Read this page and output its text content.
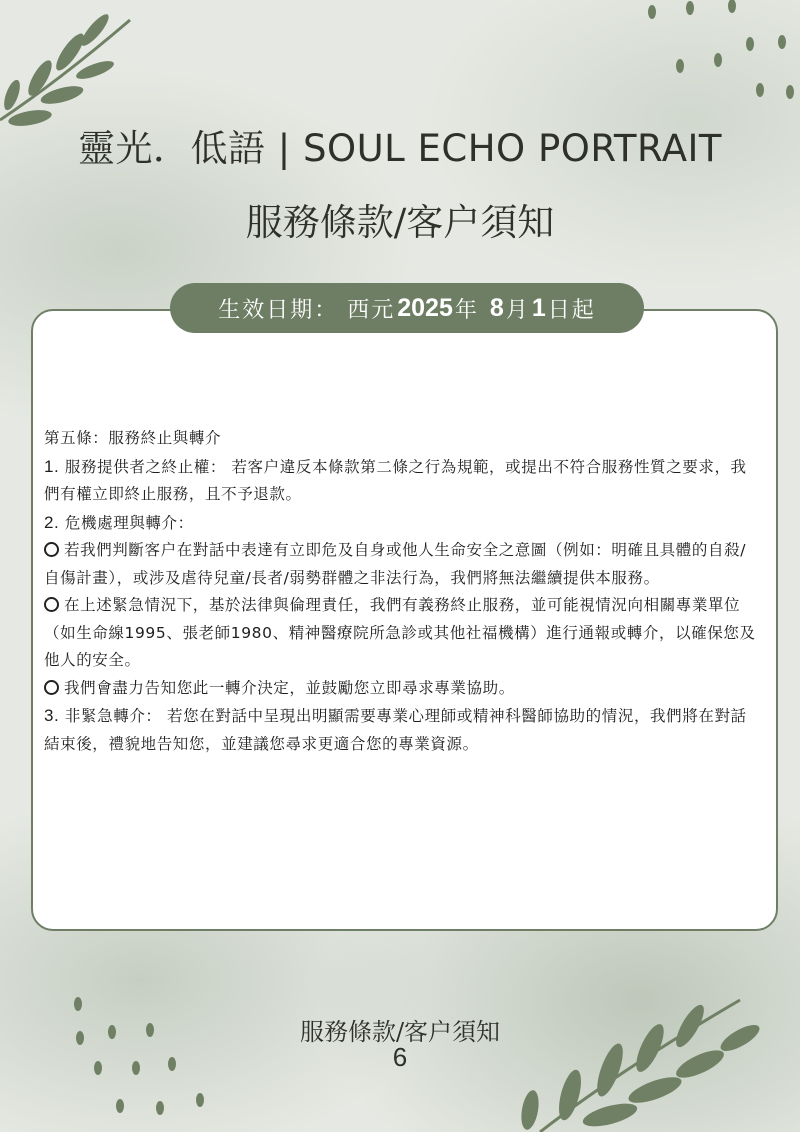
靈光．低語 | SOUL ECHO PORTRAIT
服務條款/客户須知
生效日期： 西元 2025 年
8 月 1 日起

第五條：服務終止與轉介

1. 服務提供者之終止權： 若客户違反本條款第二條之行為規範，或提出不符合服務性質之要求，我們有權立即終止服務，且不予退款。

2. 危機處理與轉介：

若我們判斷客户在對話中表達有立即危及自身或他人生命安全之意圖（例如：明確且具體的自殺/自傷計畫），或涉及虐待兒童/長者/弱勢群體之非法行為，我們將無法繼續提供本服務。

在上述緊急情況下，基於法律與倫理責任，我們有義務終止服務，並可能視情況向相關專業單位（如生命線1995、張老師1980、精神醫療院所急診或其他社福機構）進行通報或轉介，以確保您及他人的安全。

我們會盡力告知您此一轉介決定，並鼓勵您立即尋求專業協助。

3. 非緊急轉介： 若您在對話中呈現出明顯需要專業心理師或精神科醫師協助的情況，我們將在對話結束後，禮貌地告知您，並建議您尋求更適合您的專業資源。

服務條款/客户須知
6
